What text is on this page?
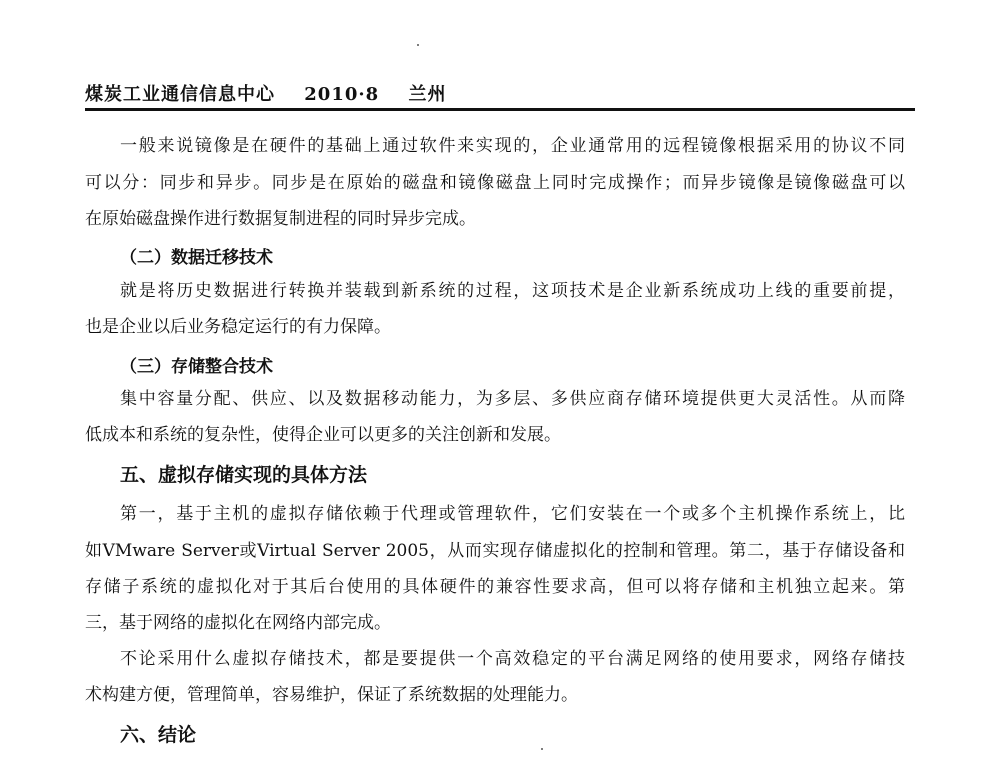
煤炭工业通信信息中心 2010·8 兰州
一般来说镜像是在硬件的基础上通过软件来实现的，企业通常用的远程镜像根据采用的协议不同
可以分：同步和异步。同步是在原始的磁盘和镜像磁盘上同时完成操作；而异步镜像是镜像磁盘可以
在原始磁盘操作进行数据复制进程的同时异步完成。
（二）数据迁移技术
就是将历史数据进行转换并装载到新系统的过程，这项技术是企业新系统成功上线的重要前提，
也是企业以后业务稳定运行的有力保障。
（三）存储整合技术
集中容量分配、供应、以及数据移动能力，为多层、多供应商存储环境提供更大灵活性。从而降
低成本和系统的复杂性，使得企业可以更多的关注创新和发展。
五、虚拟存储实现的具体方法
第一，基于主机的虚拟存储依赖于代理或管理软件，它们安装在一个或多个主机操作系统上，比
如VMware Server或Virtual Server 2005，从而实现存储虚拟化的控制和管理。第二，基于存储设备和
存储子系统的虚拟化对于其后台使用的具体硬件的兼容性要求高，但可以将存储和主机独立起来。第
三，基于网络的虚拟化在网络内部完成。
不论采用什么虚拟存储技术，都是要提供一个高效稳定的平台满足网络的使用要求，网络存储技
术构建方便，管理简单，容易维护，保证了系统数据的处理能力。
六、结论
